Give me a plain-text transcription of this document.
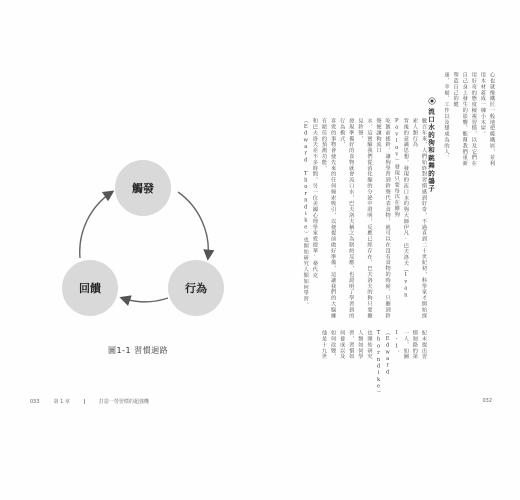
觸發
行為
回饋
圖1-1 習慣迴路
033	第 1 章	打造一勞習慣的超強機
心也就像鐵匠一般地把暖鐵屑，並利用木材蓋成一棟小木屋。
用好奇的態度檢視習慣，以及它們在自己身上發生的影響，能幫我們重新塑造自己的健
康、幸福、工作以及想成為的人。
流口水的狗和跳舞的鴿子
數百年來，人們始終對習慣感到好奇，不過直到二十世紀初，科學家才開始探索人類行為
背後的意識思想。發現的流口水的狗大師伊凡·巴夫洛夫（Ivan Pavlov）發現只要每次在餵狗
吃飯前搖鈴，讓狗學習到鈴聲代表食物，就可以在沒有食物的時候，只聽到鈴聲便讓狗流口
水。這實驗我們從消化腺的分泌中證明，反應已經存在，巴夫洛夫的狗只要聽見鈴聲，
發現準備好的食物就會流口水，巴夫洛夫稱之為制約反應，也證明了學習到的行為模式，
喜愛的事物會使先來的任何線索吸引，以便提前做好準備，這讓我們的大腦擁有絕佳的預測功能。
和巴夫洛夫差不多時間，另一位美國心理學家愛德華·桑代克（Edward Thorndike）也開始研究人類如何學習。
紀末提出習慣迴路的第一人，如圖1-1。
（Edward Thorndike）也開始研究人類如何學習，習慣如何養成以及如何改變，他是十九世
032
